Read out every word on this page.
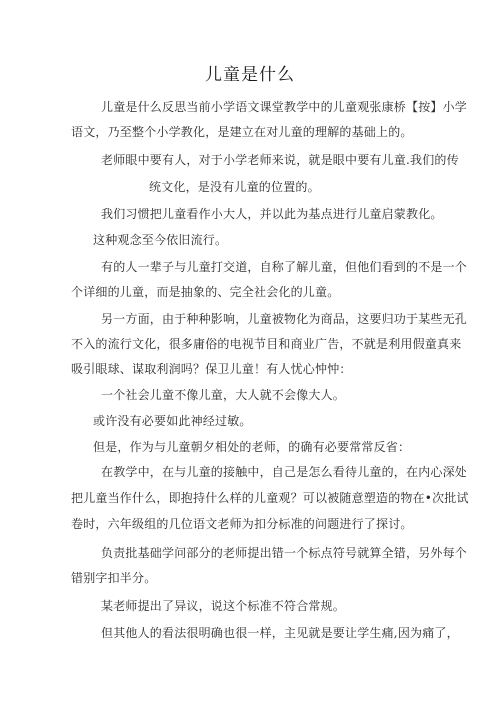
儿童是什么
儿童是什么反思当前小学语文课堂教学中的儿童观张康桥【按】小学
语文，乃至整个小学教化，是建立在对儿童的理解的基础上的。
老师眼中要有人，对于小学老师来说，就是眼中要有儿童.我们的传
统文化，是没有儿童的位置的。
我们习惯把儿童看作小大人，并以此为基点进行儿童启蒙教化。
这种观念至今依旧流行。
有的人一辈子与儿童打交道，自称了解儿童，但他们看到的不是一个
个详细的儿童，而是抽象的、完全社会化的儿童。
另一方面，由于种种影响，儿童被物化为商品，这要归功于某些无孔
不入的流行文化，很多庸俗的电视节目和商业广告，不就是利用假童真来
吸引眼球、谋取利润吗？保卫儿童！有人忧心忡忡：
一个社会儿童不像儿童，大人就不会像大人。
或许没有必要如此神经过敏。
但是，作为与儿童朝夕相处的老师，的确有必要常常反省：
在教学中，在与儿童的接触中，自己是怎么看待儿童的，在内心深处
把儿童当作什么，即抱持什么样的儿童观？可以被随意塑造的物在•次批试
卷时，六年级组的几位语文老师为扣分标准的问题进行了探讨。
负责批基础学问部分的老师提出错一个标点符号就算全错，另外每个
错别字扣半分。
某老师提出了异议，说这个标准不符合常规。
但其他人的看法很明确也很一样，主见就是要让学生痛,因为痛了，
